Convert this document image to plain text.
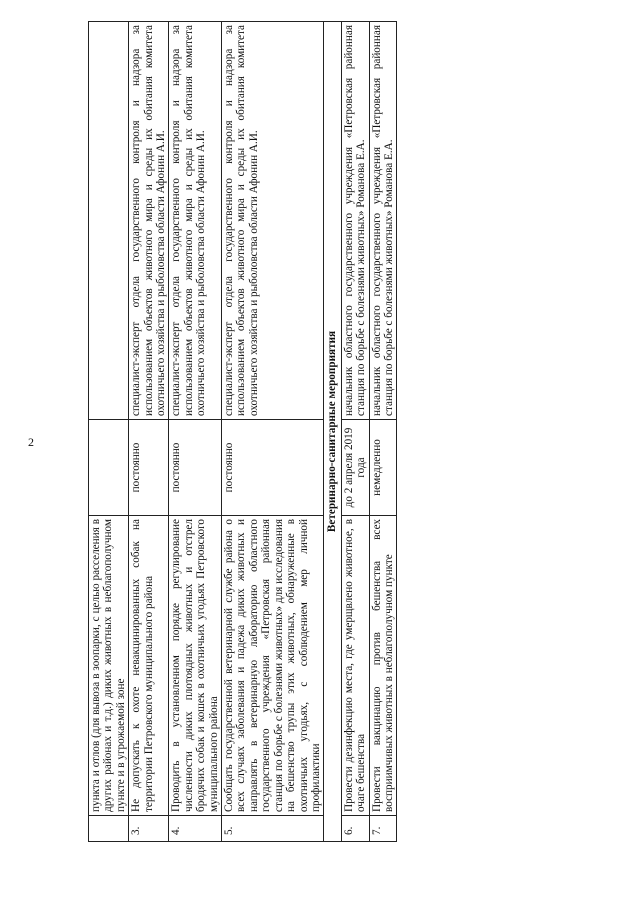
2
	пункта и отлов (для вывоза в зоопарки, с целью расселения в других районах и т.д.) диких животных в неблагополучном пункте и в угрожаемой зоне		
3.	Не допускать к охоте невакцинированных собак на территории Петровского муниципального района	постоянно	специалист-эксперт отдела государственного контроля и надзора за использованием объектов животного мира и среды их обитания комитета охотничьего хозяйства и рыболовства области Афонин А.И.
4.	Проводить в установленном порядке регулирование численности диких плотоядных животных и отстрел бродячих собак и кошек в охотничьих угодьях Петровского муниципального района	постоянно	специалист-эксперт отдела государственного контроля и надзора за использованием объектов животного мира и среды их обитания комитета охотничьего хозяйства и рыболовства области Афонин А.И.
5.	Сообщать государственной ветеринарной службе района о всех случаях заболевания и падежа диких животных и направлять в ветеринарную лабораторию областного государственного учреждения «Петровская районная станция по борьбе с болезнями животных» для исследования на бешенство трупы этих животных, обнаруженные в охотничьих угодьях, с соблюдением мер личной профилактики	постоянно	специалист-эксперт отдела государственного контроля и надзора за использованием объектов животного мира и среды их обитания комитета охотничьего хозяйства и рыболовства области Афонин А.И.
Ветеринарно-санитарные мероприятия			
6.	Провести дезинфекцию места, где умерщвлено животное, в очаге бешенства	до 2 апреля 2019 года	начальник областного государственного учреждения «Петровская районная станция по борьбе с болезнями животных» Романова Е.А.
7.	Провести вакцинацию против бешенства всех восприимчивых животных в неблагополучном пункте	немедленно	начальник областного государственного учреждения «Петровская районная станция по борьбе с болезнями животных» Романова Е.А.
